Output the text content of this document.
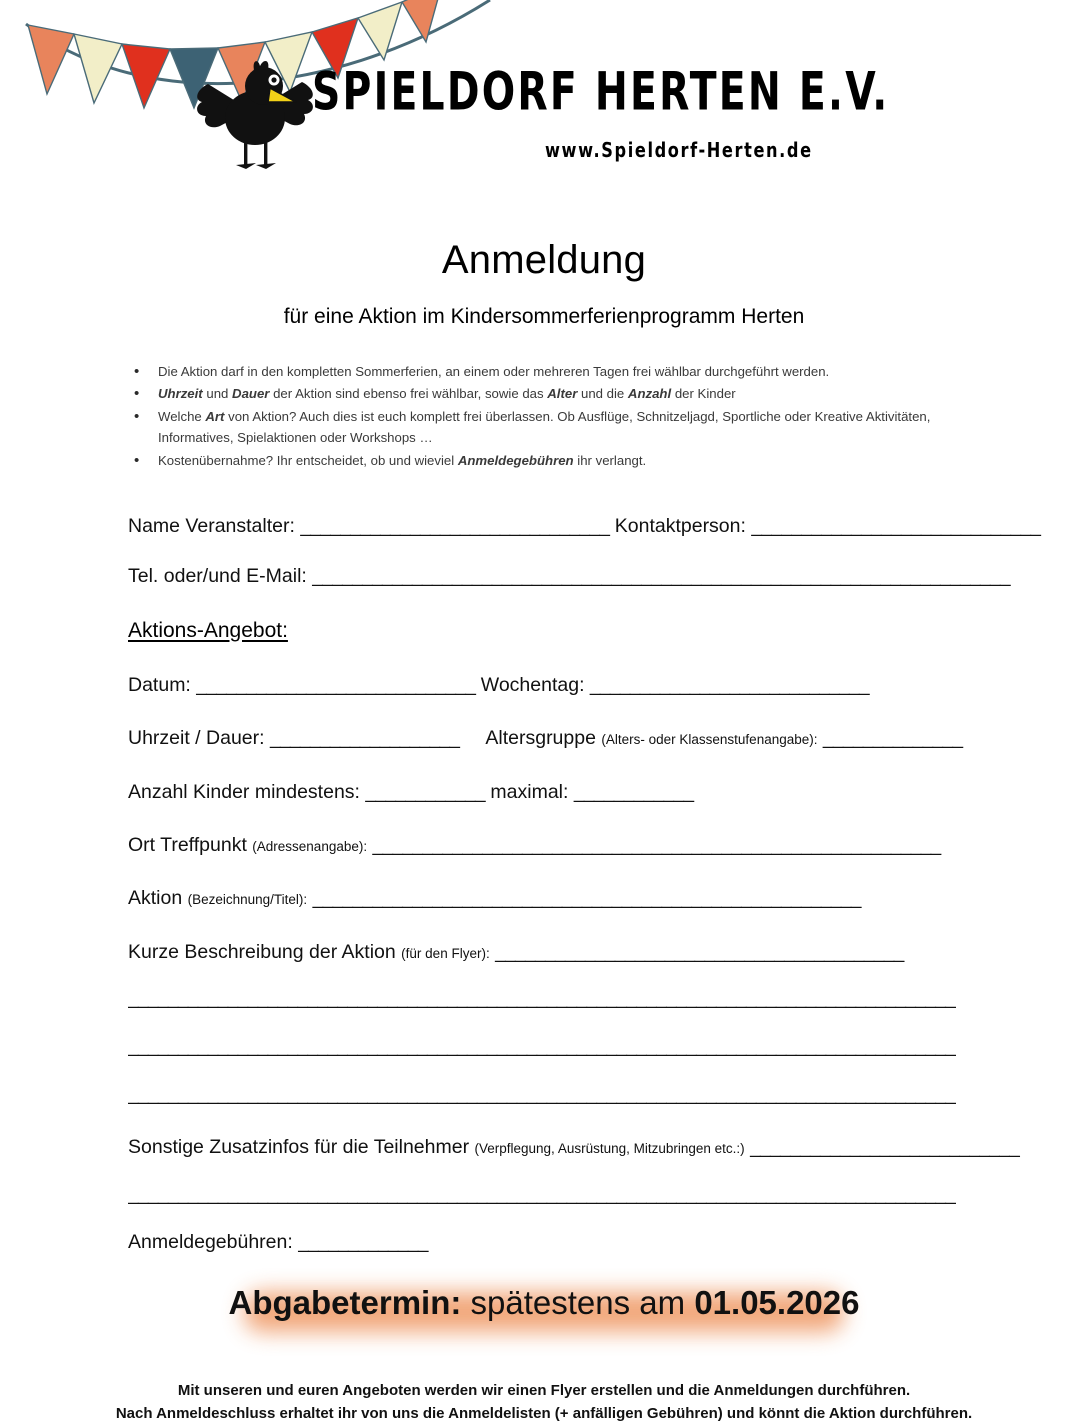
SPIELDORF HERTEN E.V.
www.Spieldorf-Herten.de
Anmeldung
für eine Aktion im Kindersommerferienprogramm Herten
• Die Aktion darf in den kompletten Sommerferien, an einem oder mehreren Tagen frei wählbar durchgeführt werden.
• Uhrzeit und Dauer der Aktion sind ebenso frei wählbar, sowie das Alter und die Anzahl der Kinder
• Welche Art von Aktion? Auch dies ist euch komplett frei überlassen. Ob Ausflüge, Schnitzeljagd, Sportliche oder Kreative Aktivitäten, Informatives, Spielaktionen oder Workshops …
• Kostenübernahme? Ihr entscheidet, ob und wieviel Anmeldegebühren ihr verlangt.
Name Veranstalter: _______________________________ Kontaktperson: _____________________________
Tel. oder/und E-Mail: ______________________________________________________________________
Aktions-Angebot:
Datum: ____________________________ Wochentag: ____________________________
Uhrzeit / Dauer: ___________________ Altersgruppe (Alters- oder Klassenstufenangabe): ______________
Anzahl Kinder mindestens: ____________ maximal: ____________
Ort Treffpunkt (Adressenangabe): _________________________________________________________
Aktion (Bezeichnung/Titel): _______________________________________________________
Kurze Beschreibung der Aktion (für den Flyer): _________________________________________
___________________________________________________________________________________
___________________________________________________________________________________
___________________________________________________________________________________
Sonstige Zusatzinfos für die Teilnehmer (Verpflegung, Ausrüstung, Mitzubringen etc.:) ___________________________
___________________________________________________________________________________
Anmeldegebühren: _____________
Abgabetermin: spätestens am 01.05.2026
Mit unseren und euren Angeboten werden wir einen Flyer erstellen und die Anmeldungen durchführen.
Nach Anmeldeschluss erhaltet ihr von uns die Anmeldelisten (+ anfälligen Gebühren) und könnt die Aktion durchführen.
